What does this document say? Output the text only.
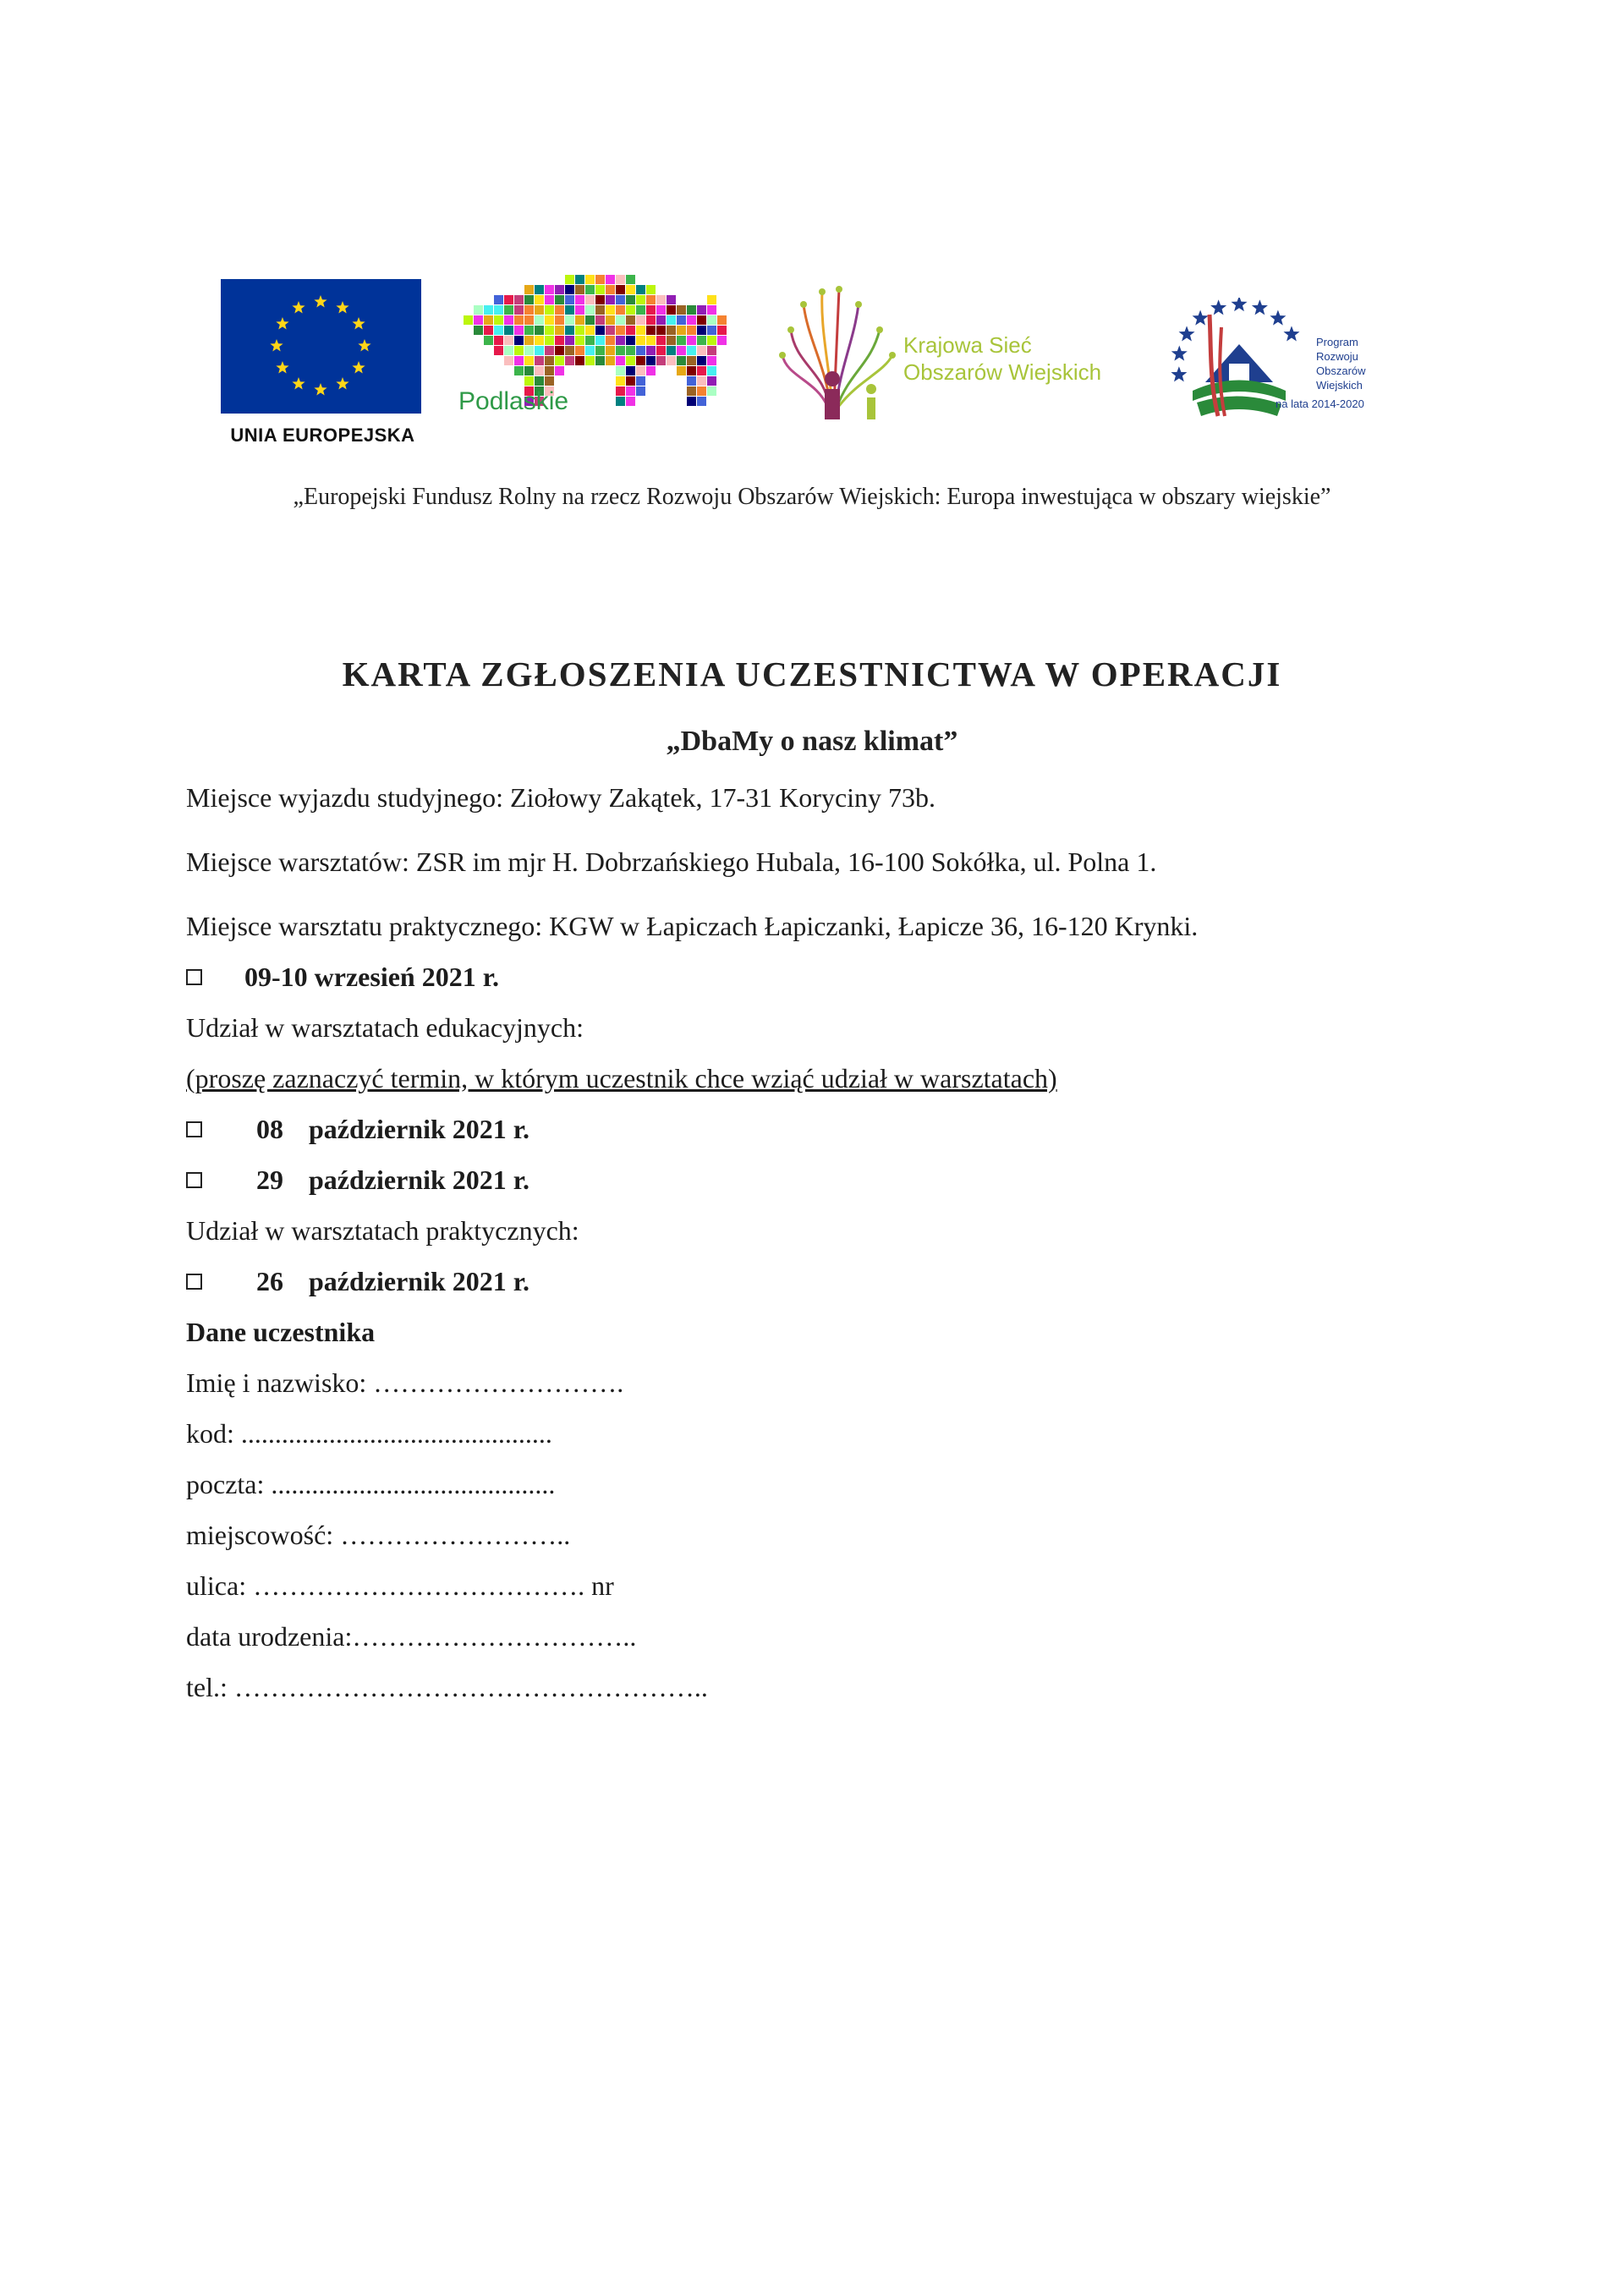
UNIA EUROPEJSKA
Podlaskie
Krajowa Sieć
Obszarów Wiejskich
Program
Rozwoju
Obszarów
Wiejskich
na lata 2014-2020
„Europejski Fundusz Rolny na rzecz Rozwoju Obszarów Wiejskich: Europa inwestująca w obszary wiejskie”
KARTA ZGŁOSZENIA UCZESTNICTWA W OPERACJI
„DbaMy o nasz klimat”
Miejsce wyjazdu studyjnego: Ziołowy Zakątek, 17-31 Koryciny 73b.
Miejsce warsztatów: ZSR im mjr H. Dobrzańskiego Hubala, 16-100 Sokółka, ul. Polna 1.
Miejsce warsztatu praktycznego: KGW w Łapiczach Łapiczanki, Łapicze 36, 16-120 Krynki.
09-10 wrzesień 2021 r.
Udział w warsztatach edukacyjnych:
(proszę zaznaczyć termin, w którym uczestnik chce wziąć udział w warsztatach)
08 październik 2021 r.
29 październik 2021 r.
Udział w warsztatach praktycznych:
26 październik 2021 r.
Dane uczestnika
Imię i nazwisko: ……………………….
kod: ..............................................
poczta: ..........................................
miejscowość: ……………………..
ulica: ………………………………. nr
data urodzenia:…………………………..
tel.: ……………………………………………..
